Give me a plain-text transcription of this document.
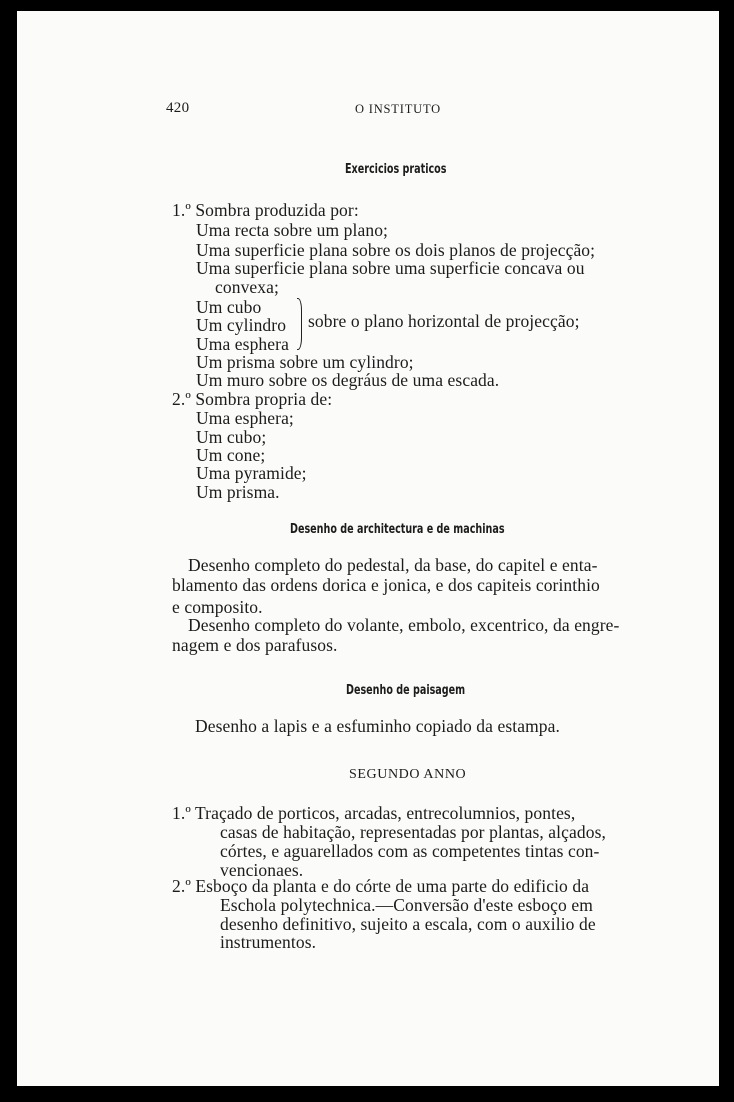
420	O INSTITUTO
Exercicios praticos
1.º Sombra produzida por:
Uma recta sobre um plano;
Uma superficie plana sobre os dois planos de projecção;
Uma superficie plana sobre uma superficie concava ou
convexa;
Um cubo
Um cylindro
Uma esphera
sobre o plano horizontal de projecção;
Um prisma sobre um cylindro;
Um muro sobre os degráus de uma escada.
2.º Sombra propria de:
Uma esphera;
Um cubo;
Um cone;
Uma pyramide;
Um prisma.
Desenho de architectura e de machinas
Desenho completo do pedestal, da base, do capitel e enta-
blamento das ordens dorica e jonica, e dos capiteis corinthio
e composito.
Desenho completo do volante, embolo, excentrico, da engre-
nagem e dos parafusos.
Desenho de paisagem
Desenho a lapis e a esfuminho copiado da estampa.
SEGUNDO ANNO
1.º Traçado de porticos, arcadas, entrecolumnios, pontes,
casas de habitação, representadas por plantas, alçados,
córtes, e aguarellados com as competentes tintas con-
vencionaes.
2.º Esboço da planta e do córte de uma parte do edificio da
Eschola polytechnica.—Conversão d'este esboço em
desenho definitivo, sujeito a escala, com o auxilio de
instrumentos.
